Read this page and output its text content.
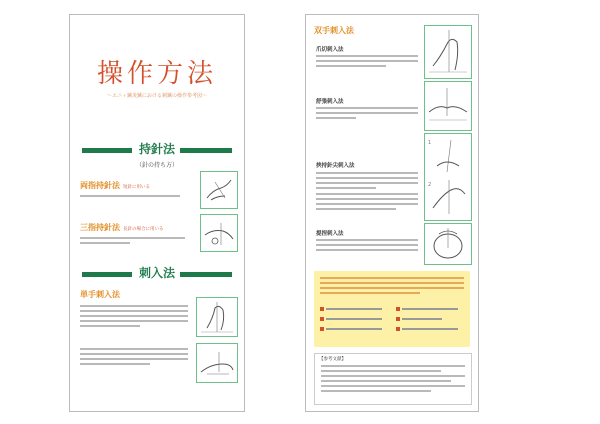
操作方法
〜エニィ鍼灸鍼における刺鍼の操作参考図〜
持針法
（針の持ち方）
両指持針法 短針に用いる
三指持針法 長針の場合に用いる
刺入法
単手刺入法
双手刺入法
爪切刺入法
舒張刺入法
挟持針尖刺入法
1
2
提捏刺入法
【参考文献】
